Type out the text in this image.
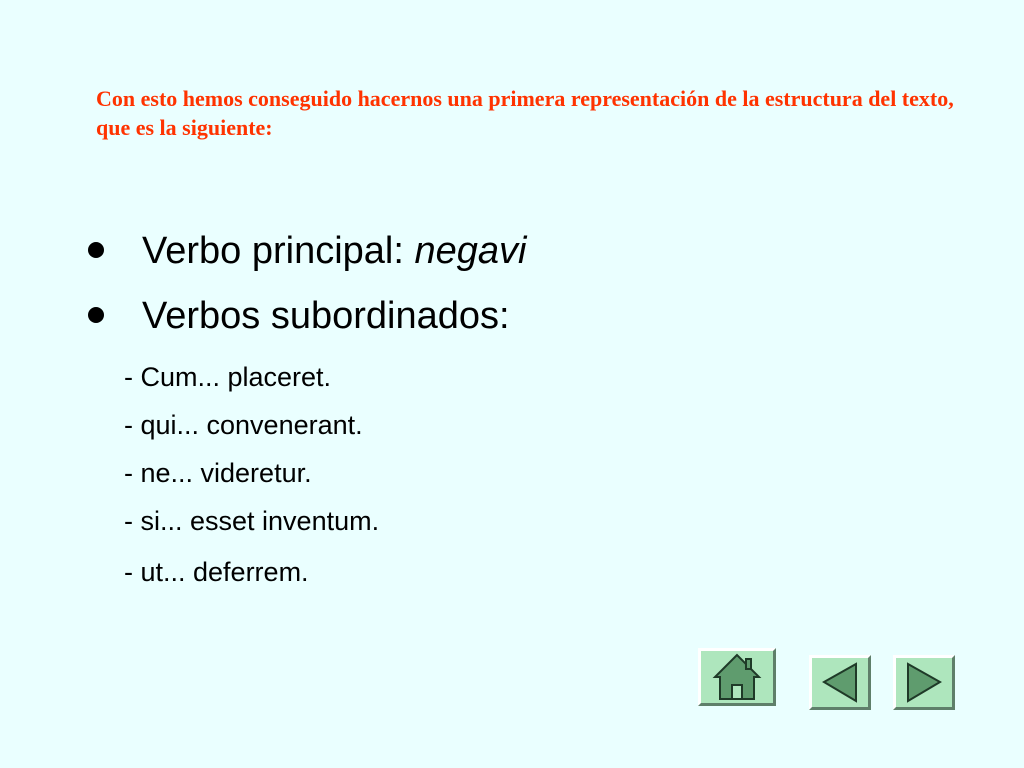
Con esto hemos conseguido hacernos una primera representación de la estructura del texto, que es la siguiente:
Verbo principal: negavi
Verbos subordinados:
- Cum... placeret.
- qui... convenerant.
- ne... videretur.
- si... esset inventum.
- ut... deferrem.
